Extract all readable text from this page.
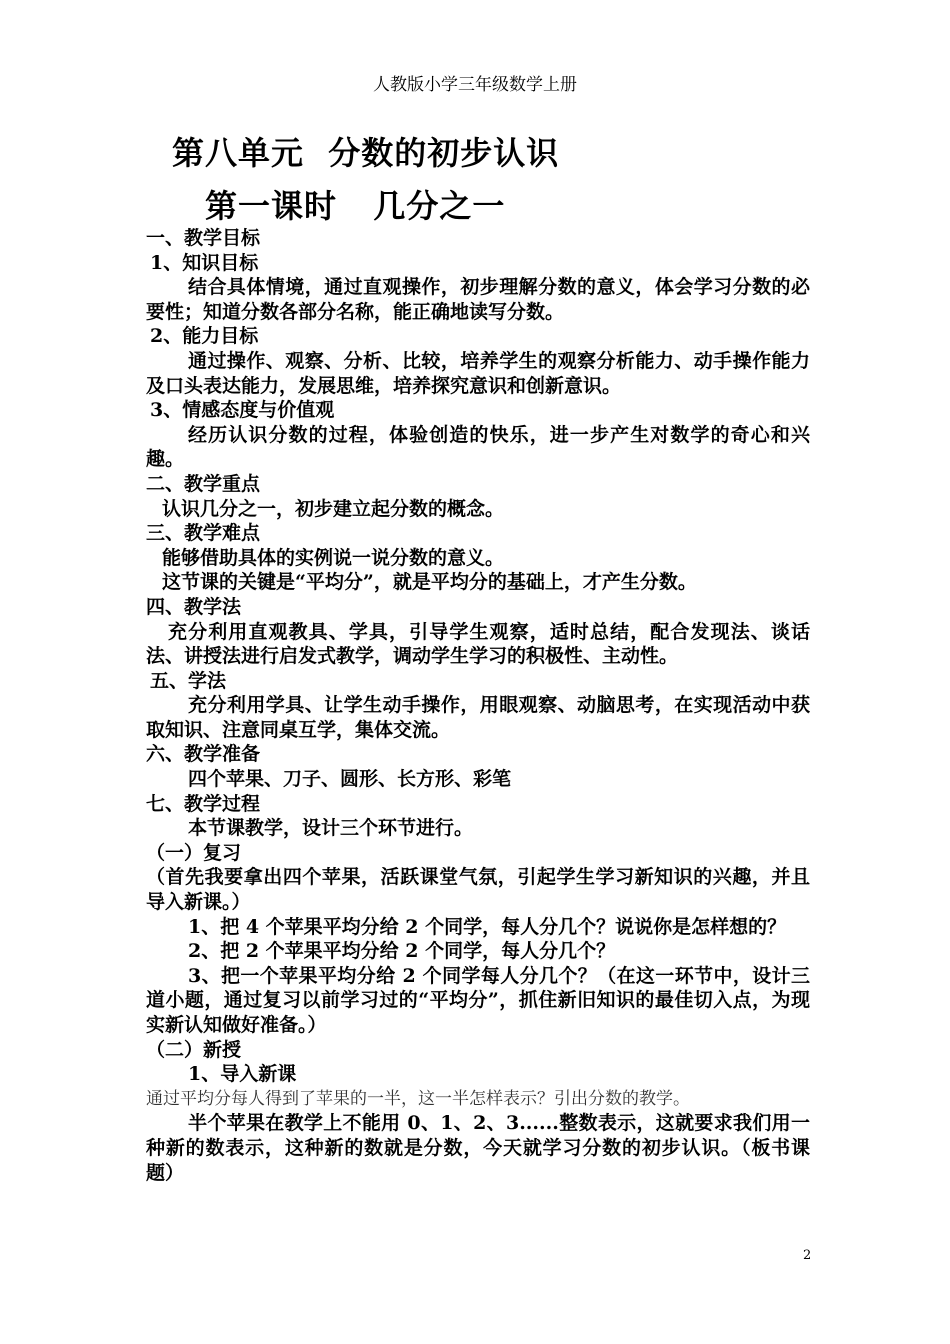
人教版小学三年级数学上册
第八单元  分数的初步认识
第一课时   几分之一

一、教学目标

1、知识目标

结合具体情境，通过直观操作，初步理解分数的意义，体会学习分数的必要性；知道分数各部分名称，能正确地读写分数。

2、能力目标

通过操作、观察、分析、比较，培养学生的观察分析能力、动手操作能力及口头表达能力，发展思维，培养探究意识和创新意识。

3、情感态度与价值观

经历认识分数的过程，体验创造的快乐，进一步产生对数学的奇心和兴趣。

二、教学重点

认识几分之一，初步建立起分数的概念。

三、教学难点

能够借助具体的实例说一说分数的意义。

这节课的关键是“平均分”，就是平均分的基础上，才产生分数。

四、教学法

充分利用直观教具、学具，引导学生观察，适时总结，配合发现法、谈话法、讲授法进行启发式教学，调动学生学习的积极性、主动性。

五、学法

充分利用学具、让学生动手操作，用眼观察、动脑思考，在实现活动中获取知识、注意同桌互学，集体交流。

六、教学准备

四个苹果、刀子、圆形、长方形、彩笔

七、教学过程

本节课教学，设计三个环节进行。

（一）复习

（首先我要拿出四个苹果，活跃课堂气氛，引起学生学习新知识的兴趣，并且导入新课。）

1、把 4 个苹果平均分给 2 个同学，每人分几个？说说你是怎样想的？

2、把 2 个苹果平均分给 2 个同学，每人分几个？

3、把一个苹果平均分给 2 个同学每人分几个？（在这一环节中，设计三道小题，通过复习以前学习过的“平均分”，抓住新旧知识的最佳切入点，为现实新认知做好准备。）

（二）新授

1、导入新课

通过平均分每人得到了苹果的一半，这一半怎样表示？引出分数的教学。

半个苹果在教学上不能用 0、1、2、3......整数表示，这就要求我们用一种新的数表示，这种新的数就是分数，今天就学习分数的初步认识。（板书课题）

2
